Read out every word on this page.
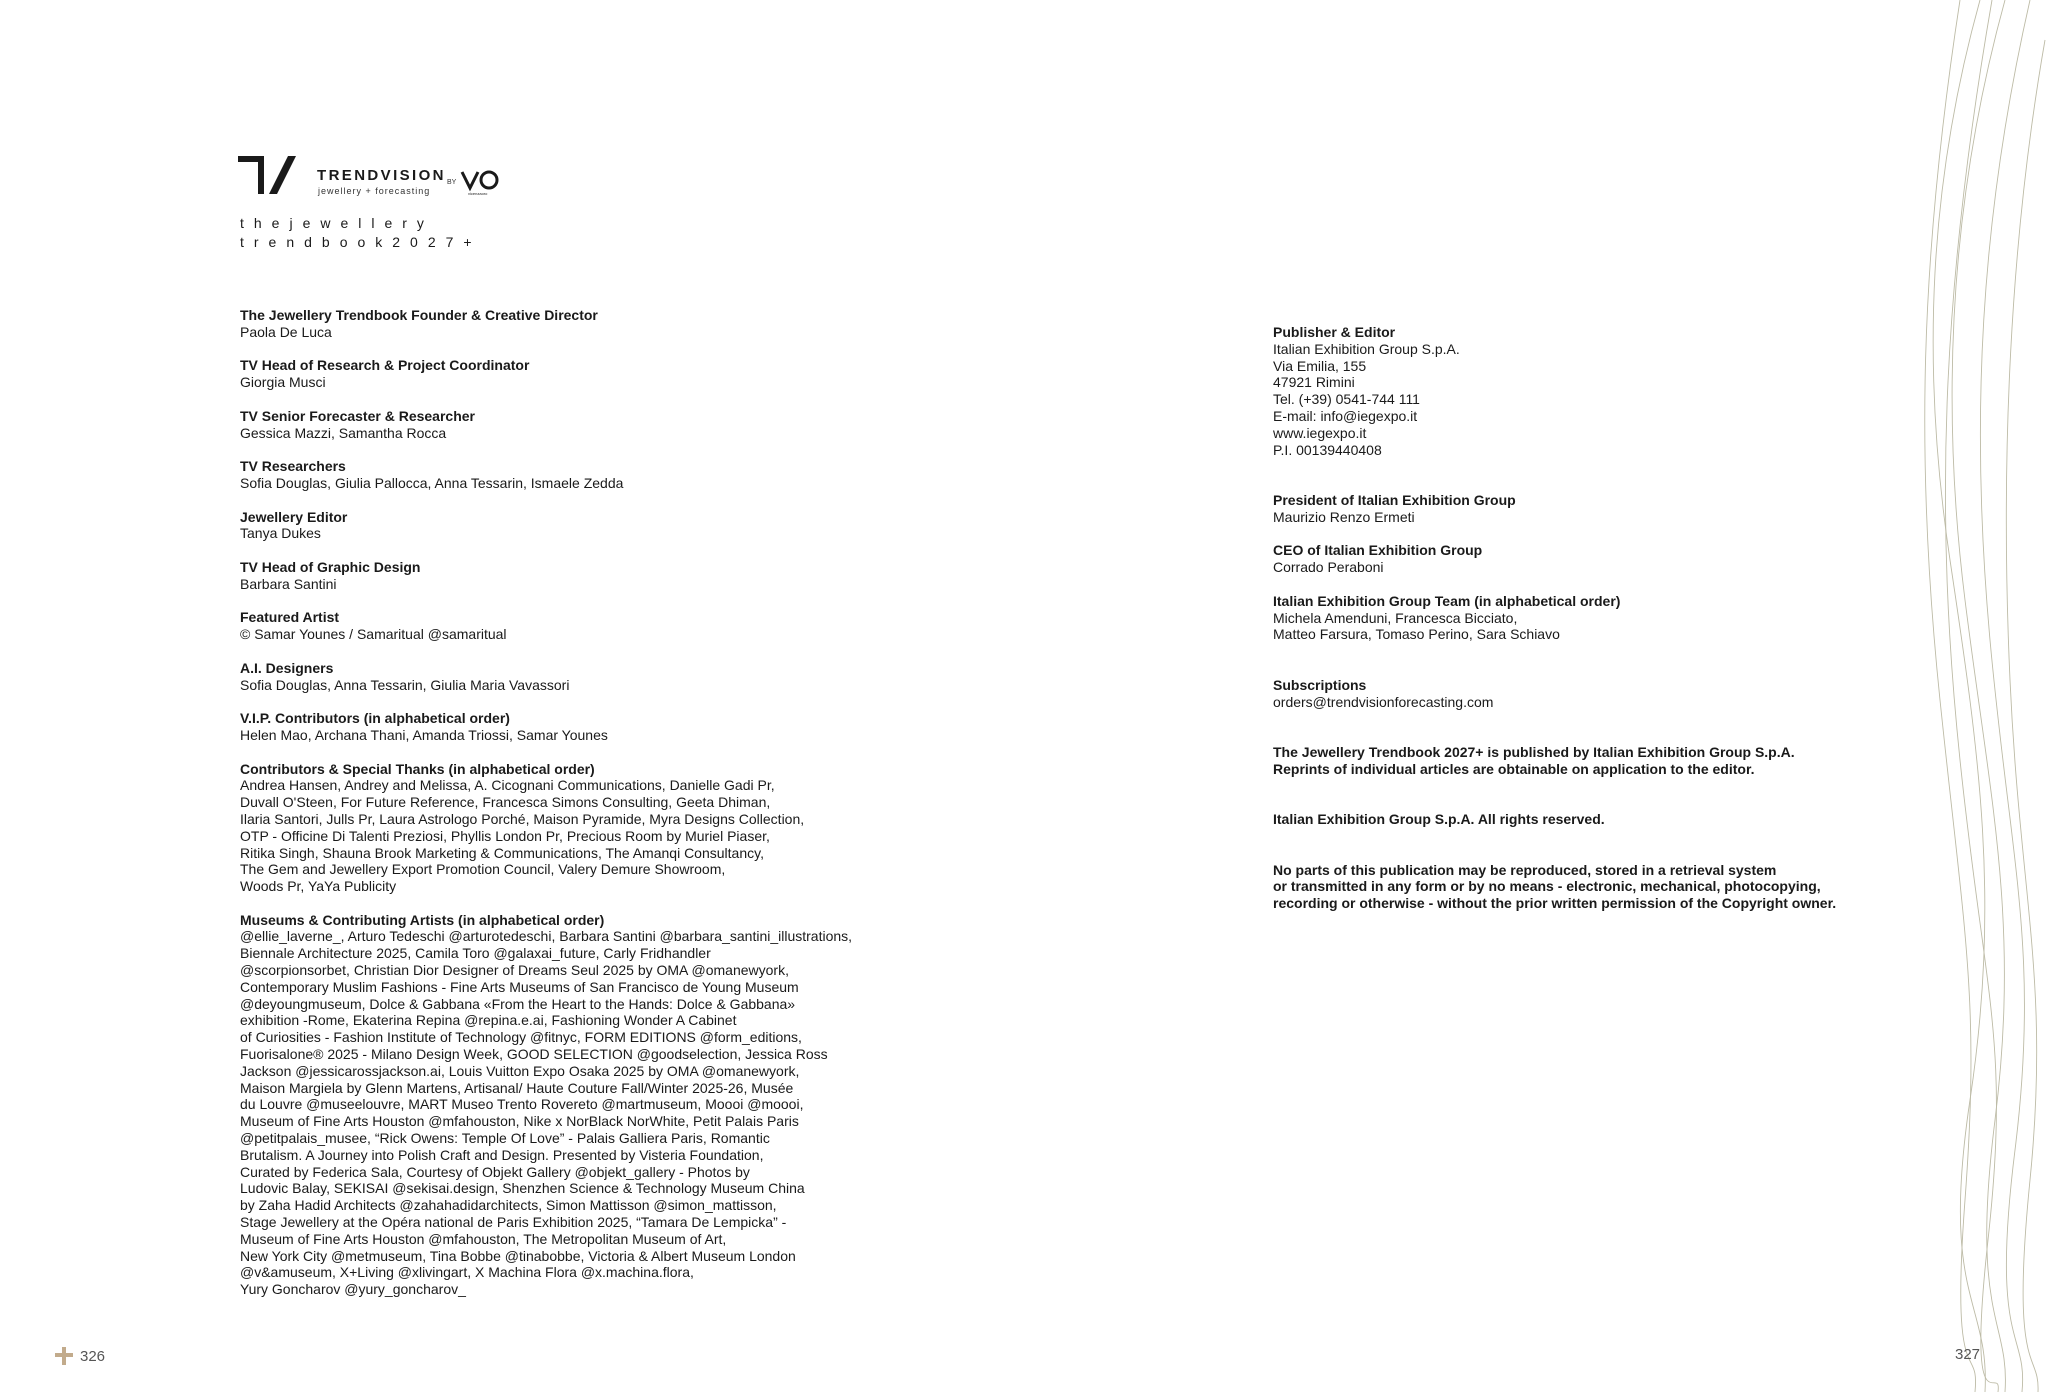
TRENDVISION
jewellery + forecasting
BY
vicenzaoro
thejewellery
trendbook2027+
The Jewellery Trendbook Founder & Creative Director
Paola De Luca
TV Head of Research & Project Coordinator
Giorgia Musci
TV Senior Forecaster & Researcher
Gessica Mazzi, Samantha Rocca
TV Researchers
Sofia Douglas, Giulia Pallocca, Anna Tessarin, Ismaele Zedda
Jewellery Editor
Tanya Dukes
TV Head of Graphic Design
Barbara Santini
Featured Artist
© Samar Younes / Samaritual @samaritual
A.I. Designers
Sofia Douglas, Anna Tessarin, Giulia Maria Vavassori
V.I.P. Contributors (in alphabetical order)
Helen Mao, Archana Thani, Amanda Triossi, Samar Younes
Contributors & Special Thanks (in alphabetical order)
Andrea Hansen, Andrey and Melissa, A. Cicognani Communications, Danielle Gadi Pr,
Duvall O'Steen, For Future Reference, Francesca Simons Consulting, Geeta Dhiman,
Ilaria Santori, Julls Pr, Laura Astrologo Porché, Maison Pyramide, Myra Designs Collection,
OTP - Officine Di Talenti Preziosi, Phyllis London Pr, Precious Room by Muriel Piaser,
Ritika Singh, Shauna Brook Marketing & Communications, The Amanqi Consultancy,
The Gem and Jewellery Export Promotion Council, Valery Demure Showroom,
Woods Pr, YaYa Publicity
Museums & Contributing Artists (in alphabetical order)
@ellie_laverne_, Arturo Tedeschi @arturotedeschi, Barbara Santini @barbara_santini_illustrations,
Biennale Architecture 2025, Camila Toro @galaxai_future, Carly Fridhandler
@scorpionsorbet, Christian Dior Designer of Dreams Seul 2025 by OMA @omanewyork,
Contemporary Muslim Fashions - Fine Arts Museums of San Francisco de Young Museum
@deyoungmuseum, Dolce & Gabbana «From the Heart to the Hands: Dolce & Gabbana»
exhibition -Rome, Ekaterina Repina @repina.e.ai, Fashioning Wonder A Cabinet
of Curiosities - Fashion Institute of Technology @fitnyc, FORM EDITIONS @form_editions,
Fuorisalone® 2025 - Milano Design Week, GOOD SELECTION @goodselection, Jessica Ross
Jackson @jessicarossjackson.ai, Louis Vuitton Expo Osaka 2025 by OMA @omanewyork,
Maison Margiela by Glenn Martens, Artisanal/ Haute Couture Fall/Winter 2025-26, Musée
du Louvre @museelouvre, MART Museo Trento Rovereto @martmuseum, Moooi @moooi,
Museum of Fine Arts Houston @mfahouston, Nike x NorBlack NorWhite, Petit Palais Paris
@petitpalais_musee, “Rick Owens: Temple Of Love” - Palais Galliera Paris, Romantic
Brutalism. A Journey into Polish Craft and Design. Presented by Visteria Foundation,
Curated by Federica Sala, Courtesy of Objekt Gallery @objekt_gallery - Photos by
Ludovic Balay, SEKISAI @sekisai.design, Shenzhen Science & Technology Museum China
by Zaha Hadid Architects @zahahadidarchitects, Simon Mattisson @simon_mattisson,
Stage Jewellery at the Opéra national de Paris Exhibition 2025, “Tamara De Lempicka” -
Museum of Fine Arts Houston @mfahouston, The Metropolitan Museum of Art,
New York City @metmuseum, Tina Bobbe @tinabobbe, Victoria & Albert Museum London
@v&amuseum, X+Living @xlivingart, X Machina Flora @x.machina.flora,
Yury Goncharov @yury_goncharov_
Publisher & Editor
Italian Exhibition Group S.p.A.
Via Emilia, 155
47921 Rimini
Tel. (+39) 0541-744 111
E-mail: info@iegexpo.it
www.iegexpo.it
P.I. 00139440408
President of Italian Exhibition Group
Maurizio Renzo Ermeti
CEO of Italian Exhibition Group
Corrado Peraboni
Italian Exhibition Group Team (in alphabetical order)
Michela Amenduni, Francesca Bicciato,
Matteo Farsura, Tomaso Perino, Sara Schiavo
Subscriptions
orders@trendvisionforecasting.com
The Jewellery Trendbook 2027+ is published by Italian Exhibition Group S.p.A.
Reprints of individual articles are obtainable on application to the editor.
Italian Exhibition Group S.p.A. All rights reserved.
No parts of this publication may be reproduced, stored in a retrieval system
or transmitted in any form or by no means - electronic, mechanical, photocopying,
recording or otherwise - without the prior written permission of the Copyright owner.
326	327
